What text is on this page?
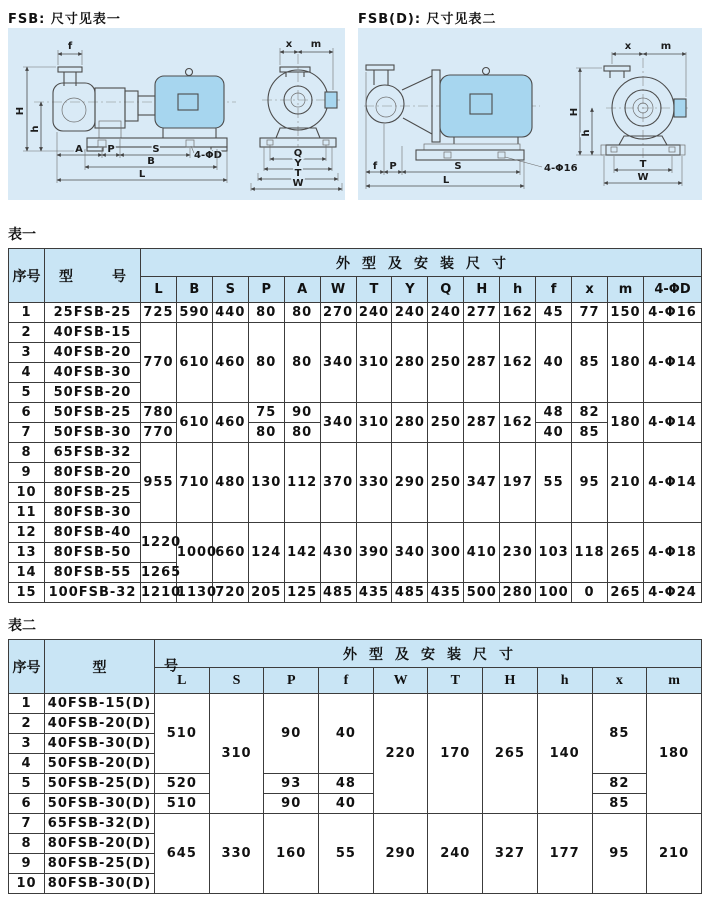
FSB: 尺寸见表一	FSB(D): 尺寸见表二
f
H
h
A P	S
4-ΦD
B
L
x m
Q
Y
T
W
f P	S
L
4-Φ16
x	m
H
h
T
W
表一
序号	型 号	外型及安装尺寸														
		L	B	S	P	A	W	T	Y	Q	H	h	f	x	m	4-ΦD
1	25FSB-25	725	590	440	80	80	270	240	240	240	277	162	45	77	150	4-Φ16
2	40FSB-15	770	610	460	80	80	340	310	280	250	287	162	40	85	180	4-Φ14
3	40FSB-20															
4	40FSB-30															
5	50FSB-20															
6	50FSB-25	780	610	460	75	90	340	310	280	250	287	162	48	82	180	4-Φ14
7	50FSB-30	770			80	80							40	85		
8	65FSB-32	955	710	480	130	112	370	330	290	250	347	197	55	95	210	4-Φ14
9	80FSB-20															
10	80FSB-25															
11	80FSB-30															
12	80FSB-40	1220	1000	660	124	142	430	390	340	300	410	230	103	118	265	4-Φ18
13	80FSB-50															
14	80FSB-55	1265														
15	100FSB-32	1210	1130	720	205	125	485	435	485	435	500	280	100	0	265	4-Φ24
表二
序号	型 号	外型及安装尺寸									
		L	S	P	f	W	T	H	h	x	m
1	40FSB-15(D)	510	310	90	40	220	170	265	140	85	180
2	40FSB-20(D)										
3	40FSB-30(D)										
4	50FSB-20(D)										
5	50FSB-25(D)	520		93	48					82	
6	50FSB-30(D)	510		90	40					85	
7	65FSB-32(D)	645	330	160	55	290	240	327	177	95	210
8	80FSB-20(D)										
9	80FSB-25(D)										
10	80FSB-30(D)										
